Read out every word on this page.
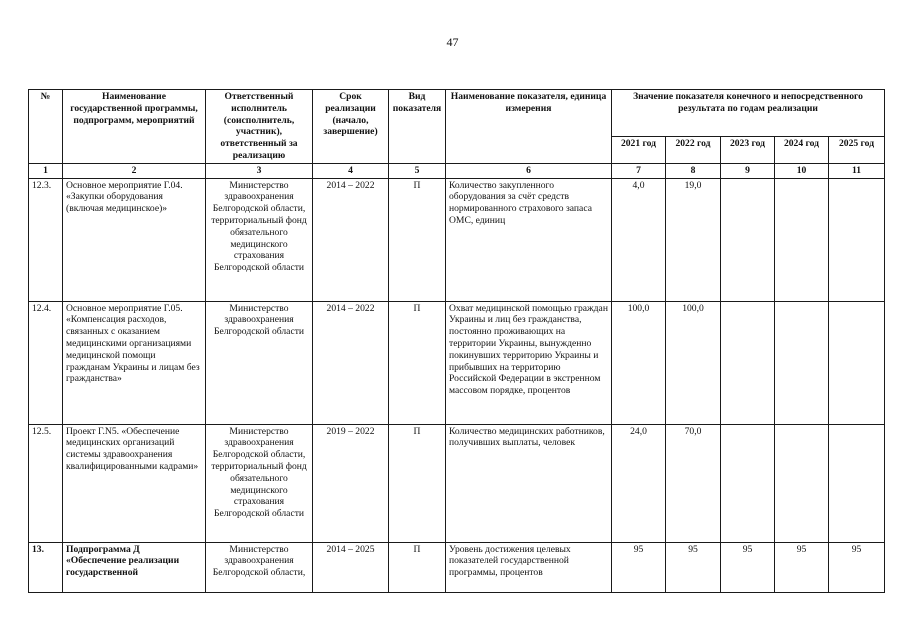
47
№	Наименование государственной программы, подпрограмм, мероприятий	Ответственный исполнитель (соисполнитель, участник), ответственный за реализацию	Срок реализации (начало, завершение)	Вид показателя	Наименование показателя, единица измерения	Значение показателя конечного и непосредственного результата по годам реализации				
						2021 год	2022 год	2023 год	2024 год	2025 год
1	2	3	4	5	6	7	8	9	10	11
12.3.	Основное мероприятие Г.04. «Закупки оборудования (включая медицинское)»	Министерство здравоохранения Белгородской области, территориальный фонд обязательного медицинского страхования Белгородской области	2014 – 2022	П	Количество закупленного оборудования за счёт средств нормированного страхового запаса ОМС, единиц	4,0	19,0			
12.4.	Основное мероприятие Г.05. «Компенсация расходов, связанных с оказанием медицинскими организациями медицинской помощи гражданам Украины и лицам без гражданства»	Министерство здравоохранения Белгородской области	2014 – 2022	П	Охват медицинской помощью граждан Украины и лиц без гражданства, постоянно проживающих на территории Украины, вынужденно покинувших территорию Украины и прибывших на территорию Российской Федерации в экстренном массовом порядке, процентов	100,0	100,0			
12.5.	Проект Г.N5. «Обеспечение медицинских организаций системы здравоохранения квалифицированными кадрами»	Министерство здравоохранения Белгородской области, территориальный фонд обязательного медицинского страхования Белгородской области	2019 – 2022	П	Количество медицинских работников, получивших выплаты, человек	24,0	70,0			
13.	Подпрограмма Д «Обеспечение реализации государственной	Министерство здравоохранения Белгородской области,	2014 – 2025	П	Уровень достижения целевых показателей государственной программы, процентов	95	95	95	95	95
